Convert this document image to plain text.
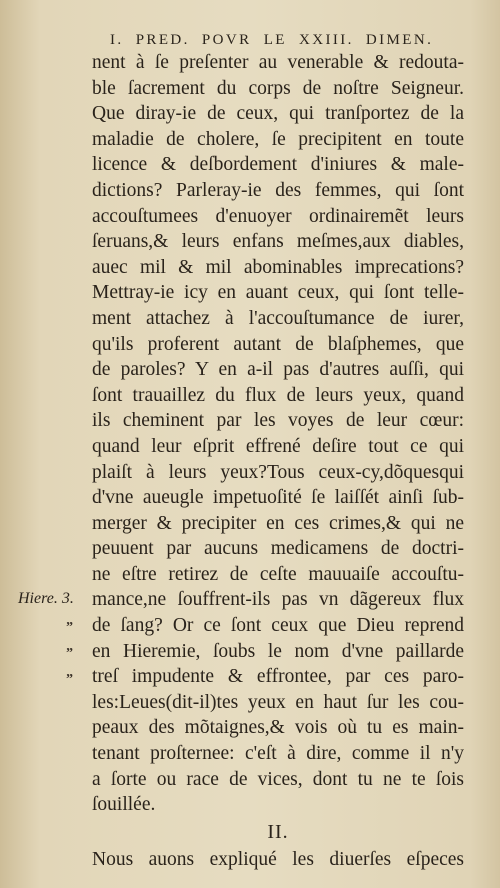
I. PRED. POVR LE XXIII. DIMEN.
nent à ſe preſenter au venerable & redouta-
ble ſacrement du corps de noſtre Seigneur.
Que diray-ie de ceux, qui tranſportez de la
maladie de cholere, ſe precipitent en toute
licence & deſbordement d'iniures & male-
dictions? Parleray-ie des femmes, qui ſont
accouſtumees d'enuoyer ordinairemẽt leurs
ſeruans,& leurs enfans meſmes,aux diables,
auec mil & mil abominables imprecations?
Mettray-ie icy en auant ceux, qui ſont telle-
ment attachez à l'accouſtumance de iurer,
qu'ils proferent autant de blaſphemes, que
de paroles? Y en a-il pas d'autres auſſi, qui
ſont trauaillez du flux de leurs yeux, quand
ils cheminent par les voyes de leur cœur:
quand leur eſprit effrené deſire tout ce qui
plaiſt à leurs yeux?Tous ceux-cy,dõquesqui
d'vne aueugle impetuoſité ſe laiſſét ainſi ſub-
merger & precipiter en ces crimes,& qui ne
peuuent par aucuns medicamens de doctri-
ne eſtre retirez de ceſte mauuaiſe accouſtu-
mance,ne ſouffrent-ils pas vn dãgereux flux
de ſang? Or ce ſont ceux que Dieu reprend
en Hieremie, ſoubs le nom d'vne paillarde
treſ impudente & effrontee, par ces paro-
les:Leues(dit-il)tes yeux en haut ſur les cou-
peaux des mõtaignes,& vois où tu es main-
tenant proſternee: c'eſt à dire, comme il n'y
a ſorte ou race de vices, dont tu ne te ſois
ſouillée.
II.
Nous auons expliqué les diuerſes eſpeces
Hiere. 3.
”
”
”
